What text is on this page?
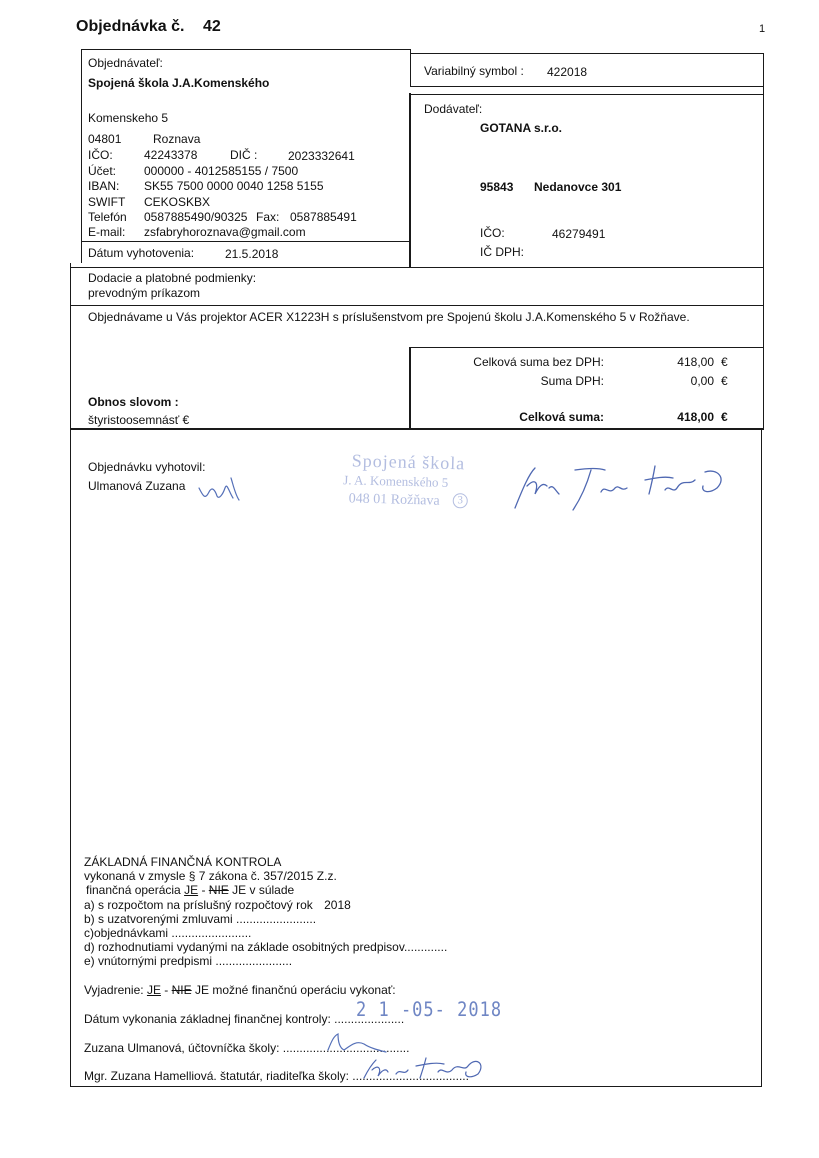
Objednávka č. 42	1
Objednávateľ:
Spojená škola J.A.Komenského
Komenskeho 5
04801	Roznava
IČO:	42243378	DIČ :	2023332641
Účet: 000000 - 4012585155 / 7500
IBAN: SK55 7500 0000 0040 1258 5155
SWIFT CEKOSKBX
Telefón 0587885490/90325 Fax: 0587885491
E-mail: zsfabryhoroznava@gmail.com
Dátum vyhotovenia:	21.5.2018
Variabilný symbol : 422018
Dodávateľ:
GOTANA s.r.o.
95843 Nedanovce 301
IČO:	46279491
IČ DPH:
Dodacie a platobné podmienky:
prevodným príkazom
Objednávame u Vás projektor ACER X1223H s príslušenstvom pre Spojenú školu J.A.Komenského 5 v Rožňave.
Celková suma bez DPH:	418,00 €
Suma DPH:	0,00 €
Celková suma:	418,00 €
Obnos slovom :
štyristoosemnásť €
Objednávku vyhotovil:
Ulmanová Zuzana
Spojená škola
J. A. Komenského 5
048 01 Rožňava	3
ZÁKLADNÁ FINANČNÁ KONTROLA
vykonaná v zmysle § 7 zákona č. 357/2015 Z.z.
finančná operácia JE - NIE JE v súlade
a) s rozpočtom na príslušný rozpočtový rok 2018
b) s uzatvorenými zmluvami ........................
c)objednávkami ........................
d) rozhodnutiami vydanými na základe osobitných predpisov.............
e) vnútornými predpismi .......................
Vyjadrenie: JE - NIE JE možné finančnú operáciu vykonať:
Dátum vykonania základnej finančnej kontroly: .....................
2 1 -05- 2018
Zuzana Ulmanová, účtovníčka školy: ......................................
Mgr. Zuzana Hamelliová. štatutár, riaditeľka školy: ...................................
